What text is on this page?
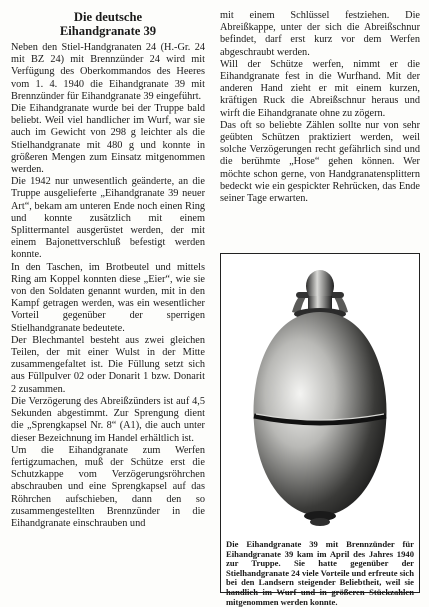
Die deutsche
Eihandgranate 39

Neben den Stiel-Handgranaten 24 (H.-Gr. 24 mit BZ 24) mit Brennzünder 24 wird mit Verfügung des Oberkommandos des Heeres vom 1. 4. 1940 die Eihandgranate 39 mit Brennzünder für Eihandgranate 39 eingeführt.

Die Eihandgranate wurde bei der Truppe bald beliebt. Weil viel handlicher im Wurf, war sie auch im Gewicht von 298 g leichter als die Stielhandgranate mit 480 g und konnte in größeren Mengen zum Einsatz mitgenommen werden.

Die 1942 nur unwesentlich geänderte, an die Truppe ausgelieferte „Eihandgranate 39 neuer Art“, bekam am unteren Ende noch einen Ring und konnte zusätzlich mit einem Splittermantel ausgerüstet werden, der mit einem Bajonettverschluß befestigt werden konnte.

In den Taschen, im Brotbeutel und mittels Ring am Koppel konnten diese „Eier“, wie sie von den Soldaten genannt wurden, mit in den Kampf getragen werden, was ein wesentlicher Vorteil gegenüber der sperrigen Stielhandgranate bedeutete.

Der Blechmantel besteht aus zwei gleichen Teilen, der mit einer Wulst in der Mitte zusammengefaltet ist. Die Füllung setzt sich aus Füllpulver 02 oder Donarit 1 bzw. Donarit 2 zusammen.

Die Verzögerung des Abreißzünders ist auf 4,5 Sekunden abgestimmt. Zur Sprengung dient die „Sprengkapsel Nr. 8“ (A1), die auch unter dieser Bezeichnung im Handel erhältlich ist.

Um die Eihandgranate zum Werfen fertigzumachen, muß der Schütze erst die Schutzkappe vom Verzögerungsröhrchen abschrauben und eine Sprengkapsel auf das Röhrchen aufschieben, dann den so zusammengestellten Brennzünder in die Eihandgranate einschrauben und

mit einem Schlüssel festziehen. Die Abreißkappe, unter der sich die Abreißschnur befindet, darf erst kurz vor dem Werfen abgeschraubt werden.

Will der Schütze werfen, nimmt er die Eihandgranate fest in die Wurfhand. Mit der anderen Hand zieht er mit einem kurzen, kräftigen Ruck die Abreißschnur heraus und wirft die Eihandgranate ohne zu zögern.

Das oft so beliebte Zählen sollte nur von sehr geübten Schützen praktiziert werden, weil solche Verzögerungen recht gefährlich sind und die berühmte „Hose“ gehen können. Wer möchte schon gerne, von Handgranatensplittern bedeckt wie ein gespickter Rehrücken, das Ende seiner Tage erwarten.

Die Eihandgranate 39 mit Brennzünder für Eihandgranate 39 kam im April des Jahres 1940 zur Truppe. Sie hatte gegenüber der Stielhandgranate 24 viele Vorteile und erfreute sich bei den Landsern steigender Beliebtheit, weil sie handlich im Wurf und in größeren Stückzahlen mitgenommen werden konnte.
